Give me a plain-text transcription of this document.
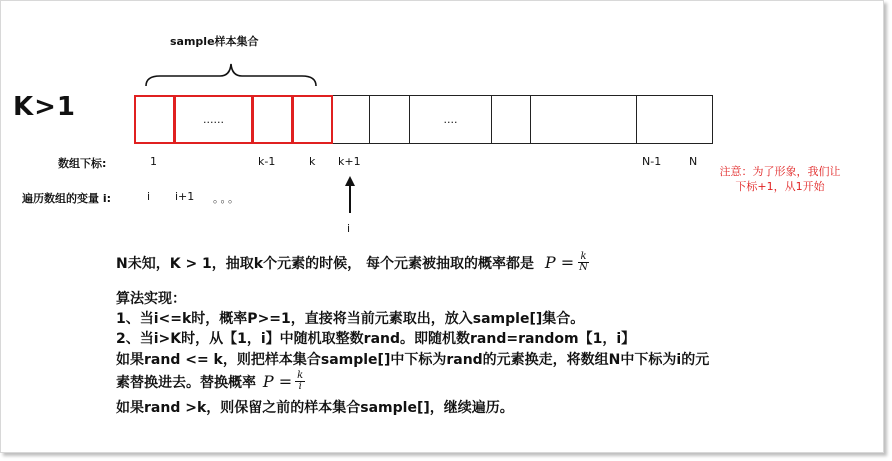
sample样本集合
K>1	......	....
数组下标:	1	k-1	k k+1	N-1	N
注意：为了形象，我们让
下标+1，从1开始
遍历数组的变量 i:	i i+1 。。。
i
N未知，K > 1，抽取k个元素的时候， 每个元素被抽取的概率都是 $P = \frac{k}{N}$
算法实现：
1、当i<=k时，概率P>=1，直接将当前元素取出，放入sample[]集合。
2、当i>K时，从【1，i】中随机取整数rand。即随机数rand=random【1，i】
如果rand <= k，则把样本集合sample[]中下标为rand的元素换走，将数组N中下标为i的元
素替换进去。替换概率 $P = \frac{k}{i}$
如果rand >k，则保留之前的样本集合sample[]，继续遍历。
